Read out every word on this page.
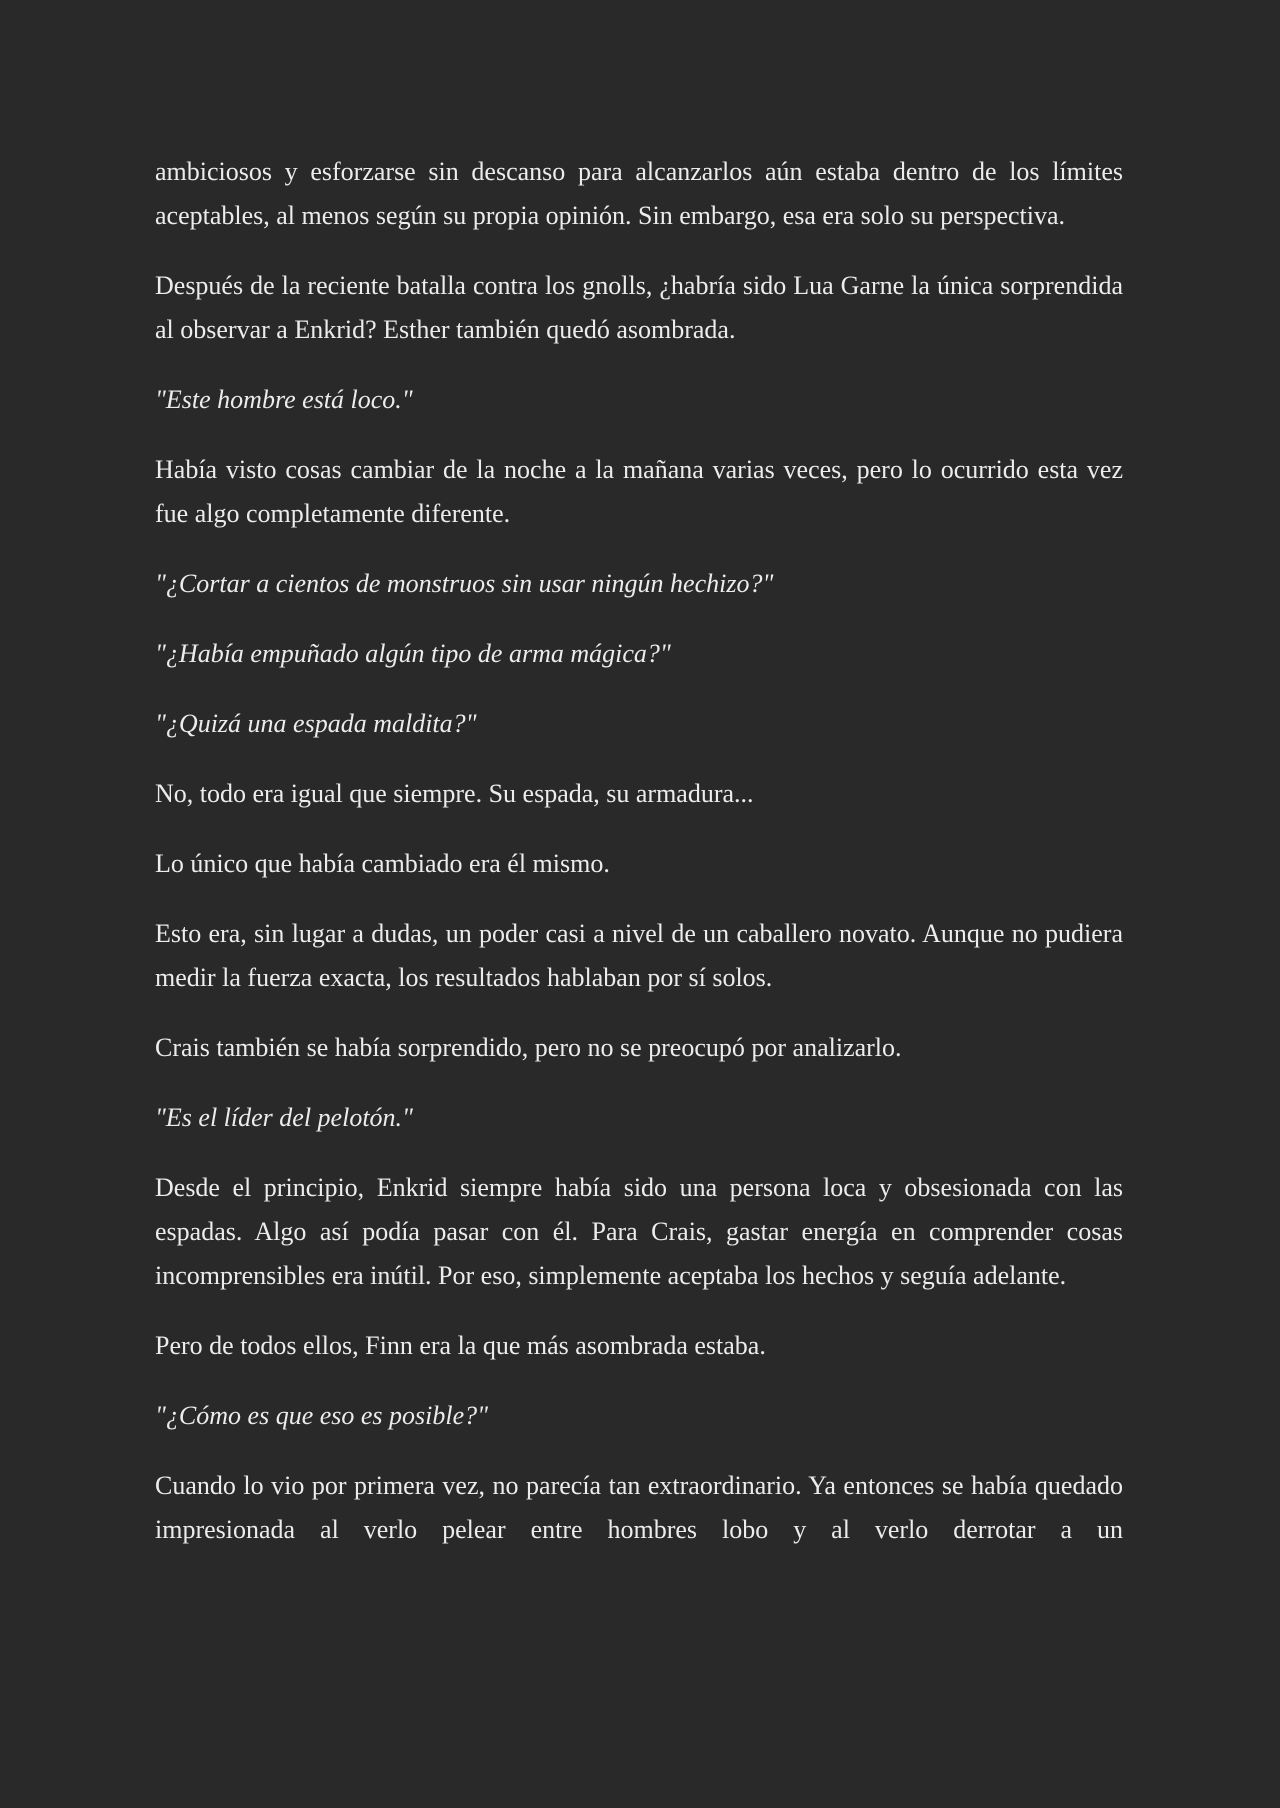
ambiciosos y esforzarse sin descanso para alcanzarlos aún estaba dentro de los límites aceptables, al menos según su propia opinión. Sin embargo, esa era solo su perspectiva.

Después de la reciente batalla contra los gnolls, ¿habría sido Lua Garne la única sorprendida al observar a Enkrid? Esther también quedó asombrada.

"Este hombre está loco."

Había visto cosas cambiar de la noche a la mañana varias veces, pero lo ocurrido esta vez fue algo completamente diferente.

"¿Cortar a cientos de monstruos sin usar ningún hechizo?"

"¿Había empuñado algún tipo de arma mágica?"

"¿Quizá una espada maldita?"

No, todo era igual que siempre. Su espada, su armadura...

Lo único que había cambiado era él mismo.

Esto era, sin lugar a dudas, un poder casi a nivel de un caballero novato. Aunque no pudiera medir la fuerza exacta, los resultados hablaban por sí solos.

Crais también se había sorprendido, pero no se preocupó por analizarlo.

"Es el líder del pelotón."

Desde el principio, Enkrid siempre había sido una persona loca y obsesionada con las espadas. Algo así podía pasar con él. Para Crais, gastar energía en comprender cosas incomprensibles era inútil. Por eso, simplemente aceptaba los hechos y seguía adelante.

Pero de todos ellos, Finn era la que más asombrada estaba.

"¿Cómo es que eso es posible?"

Cuando lo vio por primera vez, no parecía tan extraordinario. Ya entonces se había quedado impresionada al verlo pelear entre hombres lobo y al verlo derrotar a un
